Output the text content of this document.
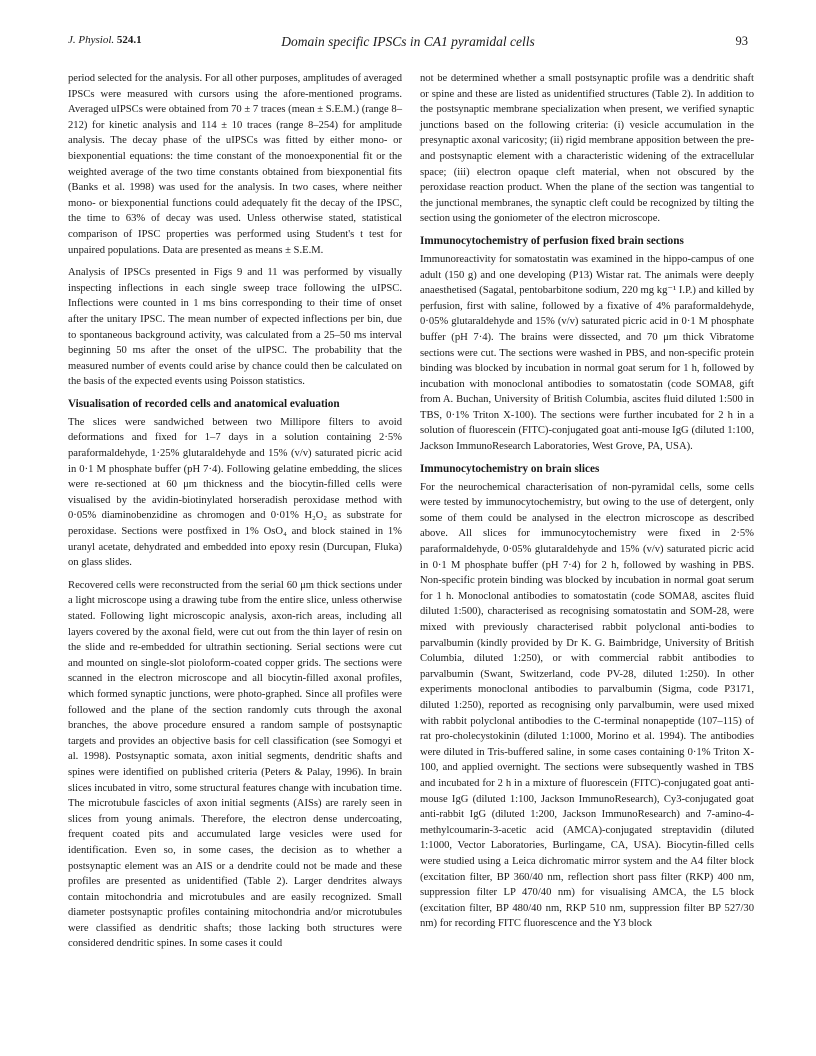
J. Physiol. 524.1	Domain specific IPSCs in CA1 pyramidal cells	93

period selected for the analysis. For all other purposes, amplitudes of averaged IPSCs were measured with cursors using the afore-mentioned programs. Averaged uIPSCs were obtained from 70 ± 7 traces (mean ± S.E.M.) (range 8–212) for kinetic analysis and 114 ± 10 traces (range 8–254) for amplitude analysis. The decay phase of the uIPSCs was fitted by either mono- or biexponential equations: the time constant of the monoexponential fit or the weighted average of the two time constants obtained from biexponential fits (Banks et al. 1998) was used for the analysis. In two cases, where neither mono- or biexponential functions could adequately fit the decay of the IPSC, the time to 63% of decay was used. Unless otherwise stated, statistical comparison of IPSC properties was performed using Student's t test for unpaired populations. Data are presented as means ± S.E.M.

Analysis of IPSCs presented in Figs 9 and 11 was performed by visually inspecting inflections in each single sweep trace following the uIPSC. Inflections were counted in 1 ms bins corresponding to their time of onset after the unitary IPSC. The mean number of expected inflections per bin, due to spontaneous background activity, was calculated from a 25–50 ms interval beginning 50 ms after the onset of the uIPSC. The probability that the measured number of events could arise by chance could then be calculated on the basis of the expected events using Poisson statistics.

Visualisation of recorded cells and anatomical evaluation

The slices were sandwiched between two Millipore filters to avoid deformations and fixed for 1–7 days in a solution containing 2·5% paraformaldehyde, 1·25% glutaraldehyde and 15% (v/v) saturated picric acid in 0·1 M phosphate buffer (pH 7·4). Following gelatine embedding, the slices were re-sectioned at 60 μm thickness and the biocytin-filled cells were visualised by the avidin-biotinylated horseradish peroxidase method with 0·05% diaminobenzidine as chromogen and 0·01% H₂O₂ as substrate for peroxidase. Sections were postfixed in 1% OsO₄ and block stained in 1% uranyl acetate, dehydrated and embedded into epoxy resin (Durcupan, Fluka) on glass slides.

Recovered cells were reconstructed from the serial 60 μm thick sections under a light microscope using a drawing tube from the entire slice, unless otherwise stated. Following light microscopic analysis, axon-rich areas, including all layers covered by the axonal field, were cut out from the thin layer of resin on the slide and re-embedded for ultrathin sectioning. Serial sections were cut and mounted on single-slot pioloform-coated copper grids. The sections were scanned in the electron microscope and all biocytin-filled axonal profiles, which formed synaptic junctions, were photo-graphed. Since all profiles were followed and the plane of the section randomly cuts through the axonal branches, the above procedure ensured a random sample of postsynaptic targets and provides an objective basis for cell classification (see Somogyi et al. 1998). Postsynaptic somata, axon initial segments, dendritic shafts and spines were identified on published criteria (Peters & Palay, 1996). In brain slices incubated in vitro, some structural features change with incubation time. The microtubule fascicles of axon initial segments (AISs) are rarely seen in slices from young animals. Therefore, the electron dense undercoating, frequent coated pits and accumulated large vesicles were used for identification. Even so, in some cases, the decision as to whether a postsynaptic element was an AIS or a dendrite could not be made and these profiles are presented as unidentified (Table 2). Larger dendrites always contain mitochondria and microtubules and are easily recognized. Small diameter postsynaptic profiles containing mitochondria and/or microtubules were classified as dendritic shafts; those lacking both structures were considered dendritic spines. In some cases it could

not be determined whether a small postsynaptic profile was a dendritic shaft or spine and these are listed as unidentified structures (Table 2). In addition to the postsynaptic membrane specialization when present, we verified synaptic junctions based on the following criteria: (i) vesicle accumulation in the presynaptic axonal varicosity; (ii) rigid membrane apposition between the pre- and postsynaptic element with a characteristic widening of the extracellular space; (iii) electron opaque cleft material, when not obscured by the peroxidase reaction product. When the plane of the section was tangential to the junctional membranes, the synaptic cleft could be recognized by tilting the section using the goniometer of the electron microscope.

Immunocytochemistry of perfusion fixed brain sections

Immunoreactivity for somatostatin was examined in the hippo-campus of one adult (150 g) and one developing (P13) Wistar rat. The animals were deeply anaesthetised (Sagatal, pentobarbitone sodium, 220 mg kg⁻¹ I.P.) and killed by perfusion, first with saline, followed by a fixative of 4% paraformaldehyde, 0·05% glutaraldehyde and 15% (v/v) saturated picric acid in 0·1 M phosphate buffer (pH 7·4). The brains were dissected, and 70 μm thick Vibratome sections were cut. The sections were washed in PBS, and non-specific protein binding was blocked by incubation in normal goat serum for 1 h, followed by incubation with monoclonal antibodies to somatostatin (code SOMA8, gift from A. Buchan, University of British Columbia, ascites fluid diluted 1:500 in TBS, 0·1% Triton X-100). The sections were further incubated for 2 h in a solution of fluorescein (FITC)-conjugated goat anti-mouse IgG (diluted 1:100, Jackson ImmunoResearch Laboratories, West Grove, PA, USA).

Immunocytochemistry on brain slices

For the neurochemical characterisation of non-pyramidal cells, some cells were tested by immunocytochemistry, but owing to the use of detergent, only some of them could be analysed in the electron microscope as described above. All slices for immunocytochemistry were fixed in 2·5% paraformaldehyde, 0·05% glutaraldehyde and 15% (v/v) saturated picric acid in 0·1 M phosphate buffer (pH 7·4) for 2 h, followed by washing in PBS. Non-specific protein binding was blocked by incubation in normal goat serum for 1 h. Monoclonal antibodies to somatostatin (code SOMA8, ascites fluid diluted 1:500), characterised as recognising somatostatin and SOM-28, were mixed with previously characterised rabbit polyclonal anti-bodies to parvalbumin (kindly provided by Dr K. G. Baimbridge, University of British Columbia, diluted 1:250), or with commercial rabbit antibodies to parvalbumin (Swant, Switzerland, code PV-28, diluted 1:250). In other experiments monoclonal antibodies to parvalbumin (Sigma, code P3171, diluted 1:250), reported as recognising only parvalbumin, were used mixed with rabbit polyclonal antibodies to the C-terminal nonapeptide (107–115) of rat pro-cholecystokinin (diluted 1:1000, Morino et al. 1994). The antibodies were diluted in Tris-buffered saline, in some cases containing 0·1% Triton X-100, and applied overnight. The sections were subsequently washed in TBS and incubated for 2 h in a mixture of fluorescein (FITC)-conjugated goat anti-mouse IgG (diluted 1:100, Jackson ImmunoResearch), Cy3-conjugated goat anti-rabbit IgG (diluted 1:200, Jackson ImmunoResearch) and 7-amino-4-methylcoumarin-3-acetic acid (AMCA)-conjugated streptavidin (diluted 1:1000, Vector Laboratories, Burlingame, CA, USA). Biocytin-filled cells were studied using a Leica dichromatic mirror system and the A4 filter block (excitation filter, BP 360/40 nm, reflection short pass filter (RKP) 400 nm, suppression filter LP 470/40 nm) for visualising AMCA, the L5 block (excitation filter, BP 480/40 nm, RKP 510 nm, suppression filter BP 527/30 nm) for recording FITC fluorescence and the Y3 block
